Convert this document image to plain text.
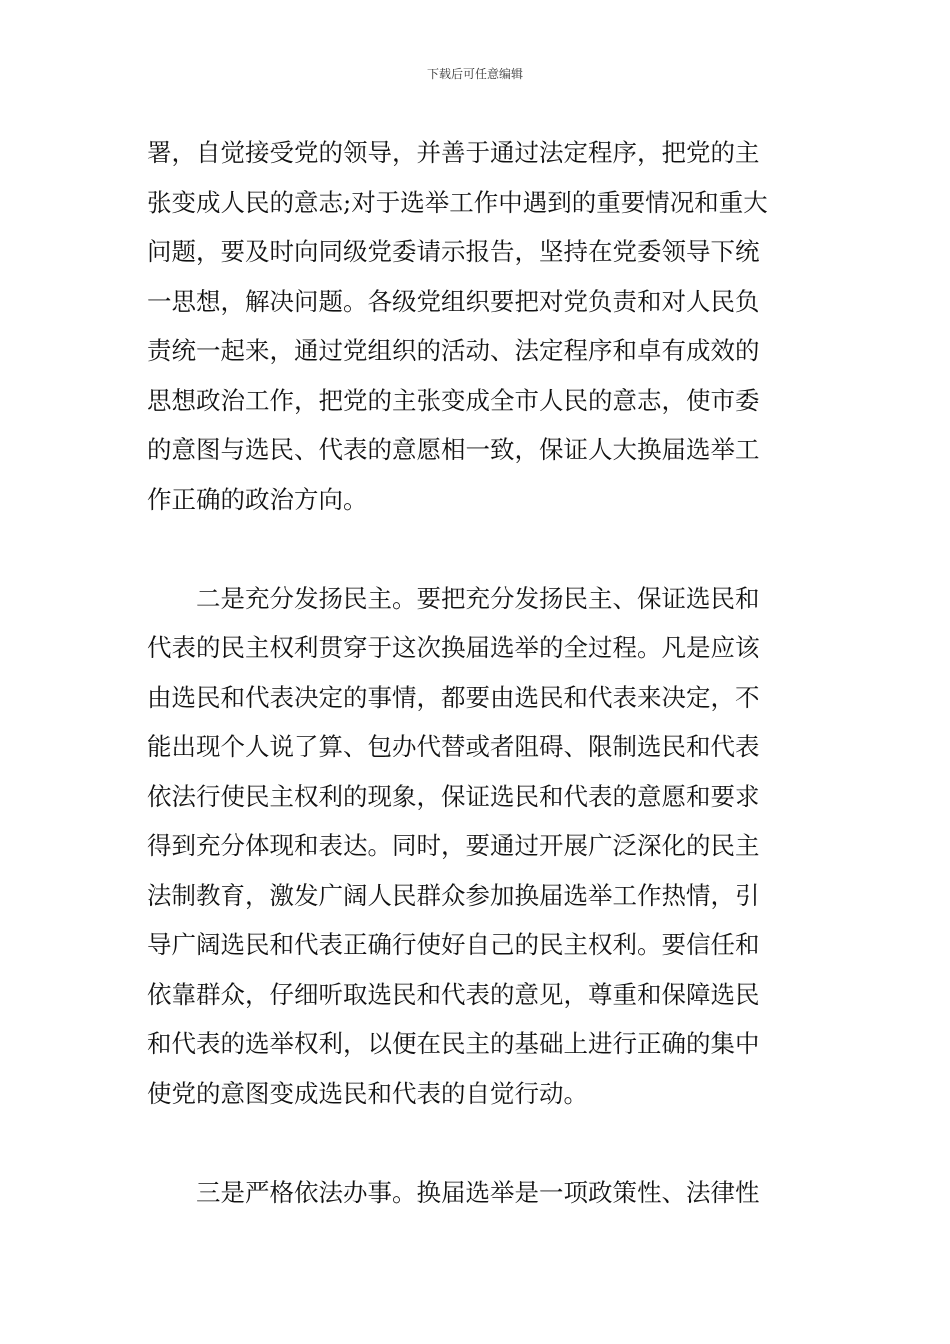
下载后可任意编辑

署，自觉接受党的领导，并善于通过法定程序，把党的主
张变成人民的意志;对于选举工作中遇到的重要情况和重大
问题，要及时向同级党委请示报告，坚持在党委领导下统
一思想，解决问题。各级党组织要把对党负责和对人民负
责统一起来，通过党组织的活动、法定程序和卓有成效的
思想政治工作，把党的主张变成全市人民的意志，使市委
的意图与选民、代表的意愿相一致，保证人大换届选举工
作正确的政治方向。

　　二是充分发扬民主。要把充分发扬民主、保证选民和
代表的民主权利贯穿于这次换届选举的全过程。凡是应该
由选民和代表决定的事情，都要由选民和代表来决定，不
能出现个人说了算、包办代替或者阻碍、限制选民和代表
依法行使民主权利的现象，保证选民和代表的意愿和要求
得到充分体现和表达。同时，要通过开展广泛深化的民主
法制教育，激发广阔人民群众参加换届选举工作热情，引
导广阔选民和代表正确行使好自己的民主权利。要信任和
依靠群众，仔细听取选民和代表的意见，尊重和保障选民
和代表的选举权利，以便在民主的基础上进行正确的集中
使党的意图变成选民和代表的自觉行动。

　　三是严格依法办事。换届选举是一项政策性、法律性
